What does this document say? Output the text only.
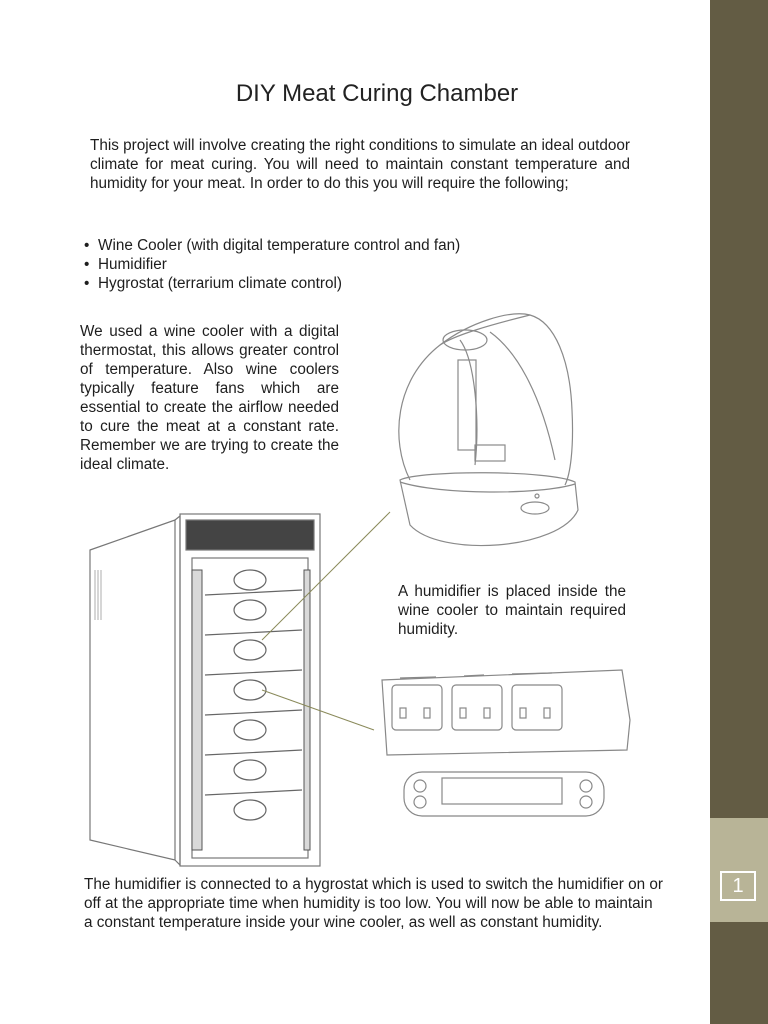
1
DIY Meat Curing Chamber

This project will involve creating the right conditions to simulate an ideal outdoor climate for meat curing. You will need to maintain constant temperature and humidity for your meat. In order to do this you will require the following;

• Wine Cooler (with digital temperature control and fan)
• Humidifier
• Hygrostat (terrarium climate control)

We used a wine cooler with a digital thermostat, this allows greater control of temperature. Also wine coolers typically feature fans which are essential to create the airflow needed to cure the meat at a constant rate. Remember we are trying to create the ideal climate.

A humidifier is placed inside the wine cooler to maintain required humidity.

The humidifier is connected to a hygrostat which is used to switch the humidifier on or off at the appropriate time when humidity is too low. You will now be able to maintain a constant temperature inside your wine cooler, as well as constant humidity.
